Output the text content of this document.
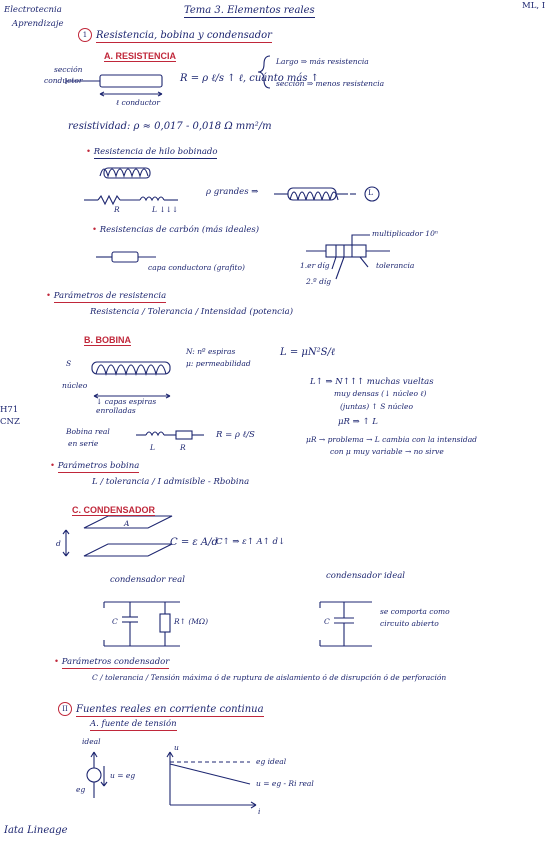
Electrotecnia
Aprendizaje
H71
CNZ
Iata Lineage
ML, I
Tema 3. Elementos reales
1 Resistencia, bobina y condensador
A. RESISTENCIA
sección
conductor
ℓ conductor
R = ρ ℓ/s ↑ ℓ, cuánto más ↑
Largo ⇒ más resistencia
sección ⇒ menos resistencia
resistividad: ρ ≈ 0,017 - 0,018 Ω mm²/m
• Resistencia de hilo bobinado
R	L ↓↓↓
ρ grandes ⇒	L
• Resistencias de carbón (más ideales)	multiplicador 10ⁿ
capa conductora (grafito)	1.er díg
2.º díg
tolerancia
• Parámetros de resistencia
Resistencia / Tolerancia / Intensidad (potencia)
B. BOBINA
N: nº espiras
μ: permeabilidad
L = μN²S/ℓ
S
núcleo
↓ capas espiras enrolladas
L↑ ⇒ N↑↑↑ muchas vueltas
muy densas (↓ núcleo ℓ)
(juntas) ↑ S núcleo
μR ⇒ ↑ L
μR → problema → L cambia con la intensidad
con μ muy variable → no sirve
Bobina real
en serie	L	R
R = ρ ℓ/S
• Parámetros bobina
L / tolerancia / I admisible - Rbobina
C. CONDENSADOR
C = ε A/d
C↑ ⇒ ε↑ A↑ d↓
d
A
condensador real	condensador ideal
C	R↑ (MΩ)	C
se comporta como
circuito abierto
• Parámetros condensador
C / tolerancia / Tensión máxima ó de ruptura de aislamiento ó de disrupción ó de perforación
II Fuentes reales en corriente continua
A. fuente de tensión
ideal
u = eg
eg
u
i
eg ideal
u = eg - Ri real
